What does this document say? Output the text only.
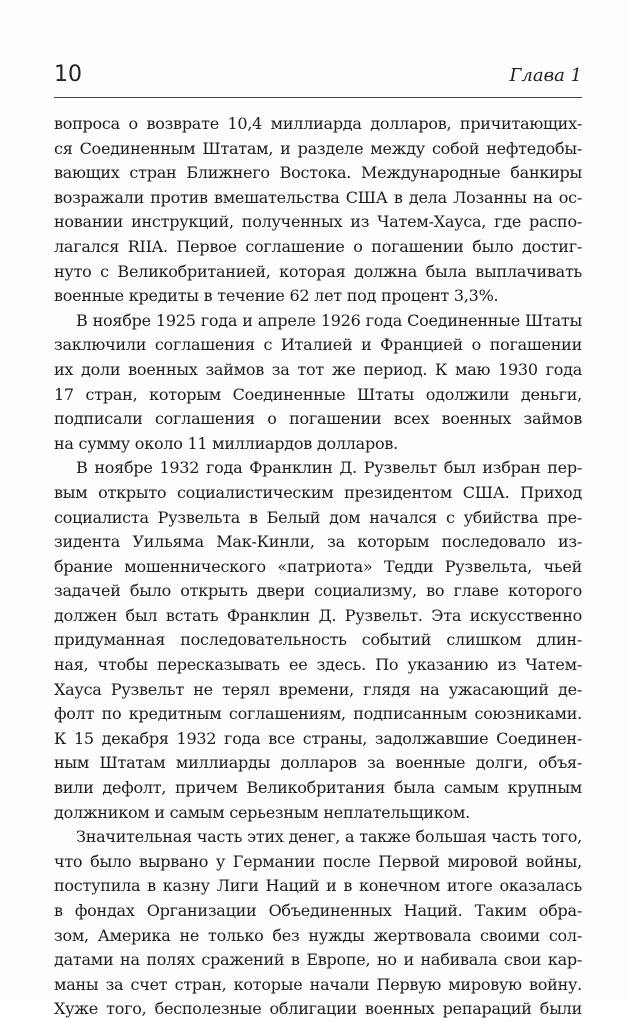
10	Глава 1
вопроса о возврате 10,4 миллиарда долларов, причитающих-
ся Соединенным Штатам, и разделе между собой нефтедобы-
вающих стран Ближнего Востока. Международные банкиры
возражали против вмешательства США в дела Лозанны на ос-
новании инструкций, полученных из Чатем-Хауса, где распо-
лагался RIIA. Первое соглашение о погашении было достиг-
нуто с Великобританией, которая должна была выплачивать
военные кредиты в течение 62 лет под процент 3,3%.
В ноябре 1925 года и апреле 1926 года Соединенные Штаты
заключили соглашения с Италией и Францией о погашении
их доли военных займов за тот же период. К маю 1930 года
17 стран, которым Соединенные Штаты одолжили деньги,
подписали соглашения о погашении всех военных займов
на сумму около 11 миллиардов долларов.
В ноябре 1932 года Франклин Д. Рузвельт был избран пер-
вым открыто социалистическим президентом США. Приход
социалиста Рузвельта в Белый дом начался с убийства пре-
зидента Уильяма Мак-Кинли, за которым последовало из-
брание мошеннического «патриота» Тедди Рузвельта, чьей
задачей было открыть двери социализму, во главе которого
должен был встать Франклин Д. Рузвельт. Эта искусственно
придуманная последовательность событий слишком длин-
ная, чтобы пересказывать ее здесь. По указанию из Чатем-
Хауса Рузвельт не терял времени, глядя на ужасающий де-
фолт по кредитным соглашениям, подписанным союзниками.
К 15 декабря 1932 года все страны, задолжавшие Соединен-
ным Штатам миллиарды долларов за военные долги, объя-
вили дефолт, причем Великобритания была самым крупным
должником и самым серьезным неплательщиком.
Значительная часть этих денег, а также большая часть того,
что было вырвано у Германии после Первой мировой войны,
поступила в казну Лиги Наций и в конечном итоге оказалась
в фондах Организации Объединенных Наций. Таким обра-
зом, Америка не только без нужды жертвовала своими сол-
датами на полях сражений в Европе, но и набивала свои кар-
маны за счет стран, которые начали Первую мировую войну.
Хуже того, бесполезные облигации военных репараций были
